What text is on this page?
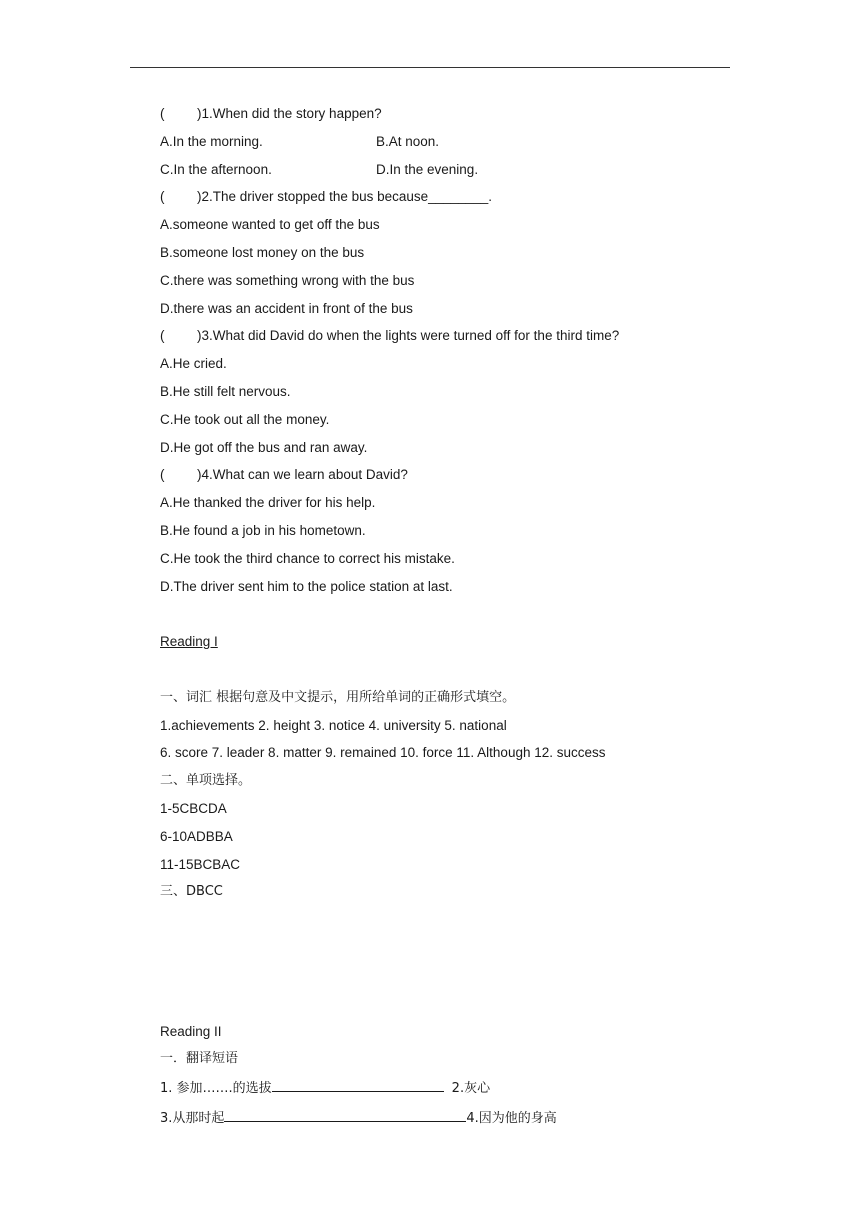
( )1.When did the story happen?
A.In the morning.	B.At noon.
C.In the afternoon.	D.In the evening.
( )2.The driver stopped the bus because________.
A.someone wanted to get off the bus
B.someone lost money on the bus
C.there was something wrong with the bus
D.there was an accident in front of the bus
( )3.What did David do when the lights were turned off for the third time?
A.He cried.
B.He still felt nervous.
C.He took out all the money.
D.He got off the bus and ran away.
( )4.What can we learn about David?
A.He thanked the driver for his help.
B.He found a job in his hometown.
C.He took the third chance to correct his mistake.
D.The driver sent him to the police station at last.
Reading I
一、词汇 根据句意及中文提示，用所给单词的正确形式填空。
1.achievements 2. height 3. notice 4. university 5. national
6. score 7. leader 8. matter 9. remained 10. force 11. Although 12. success
二、单项选择。
1-5CBCDA
6-10ADBBA
11-15BCBAC
三、DBCC
Reading II
一．翻译短语
1. 参加…….的选拔	2.灰心
3.从那时起	4.因为他的身高
